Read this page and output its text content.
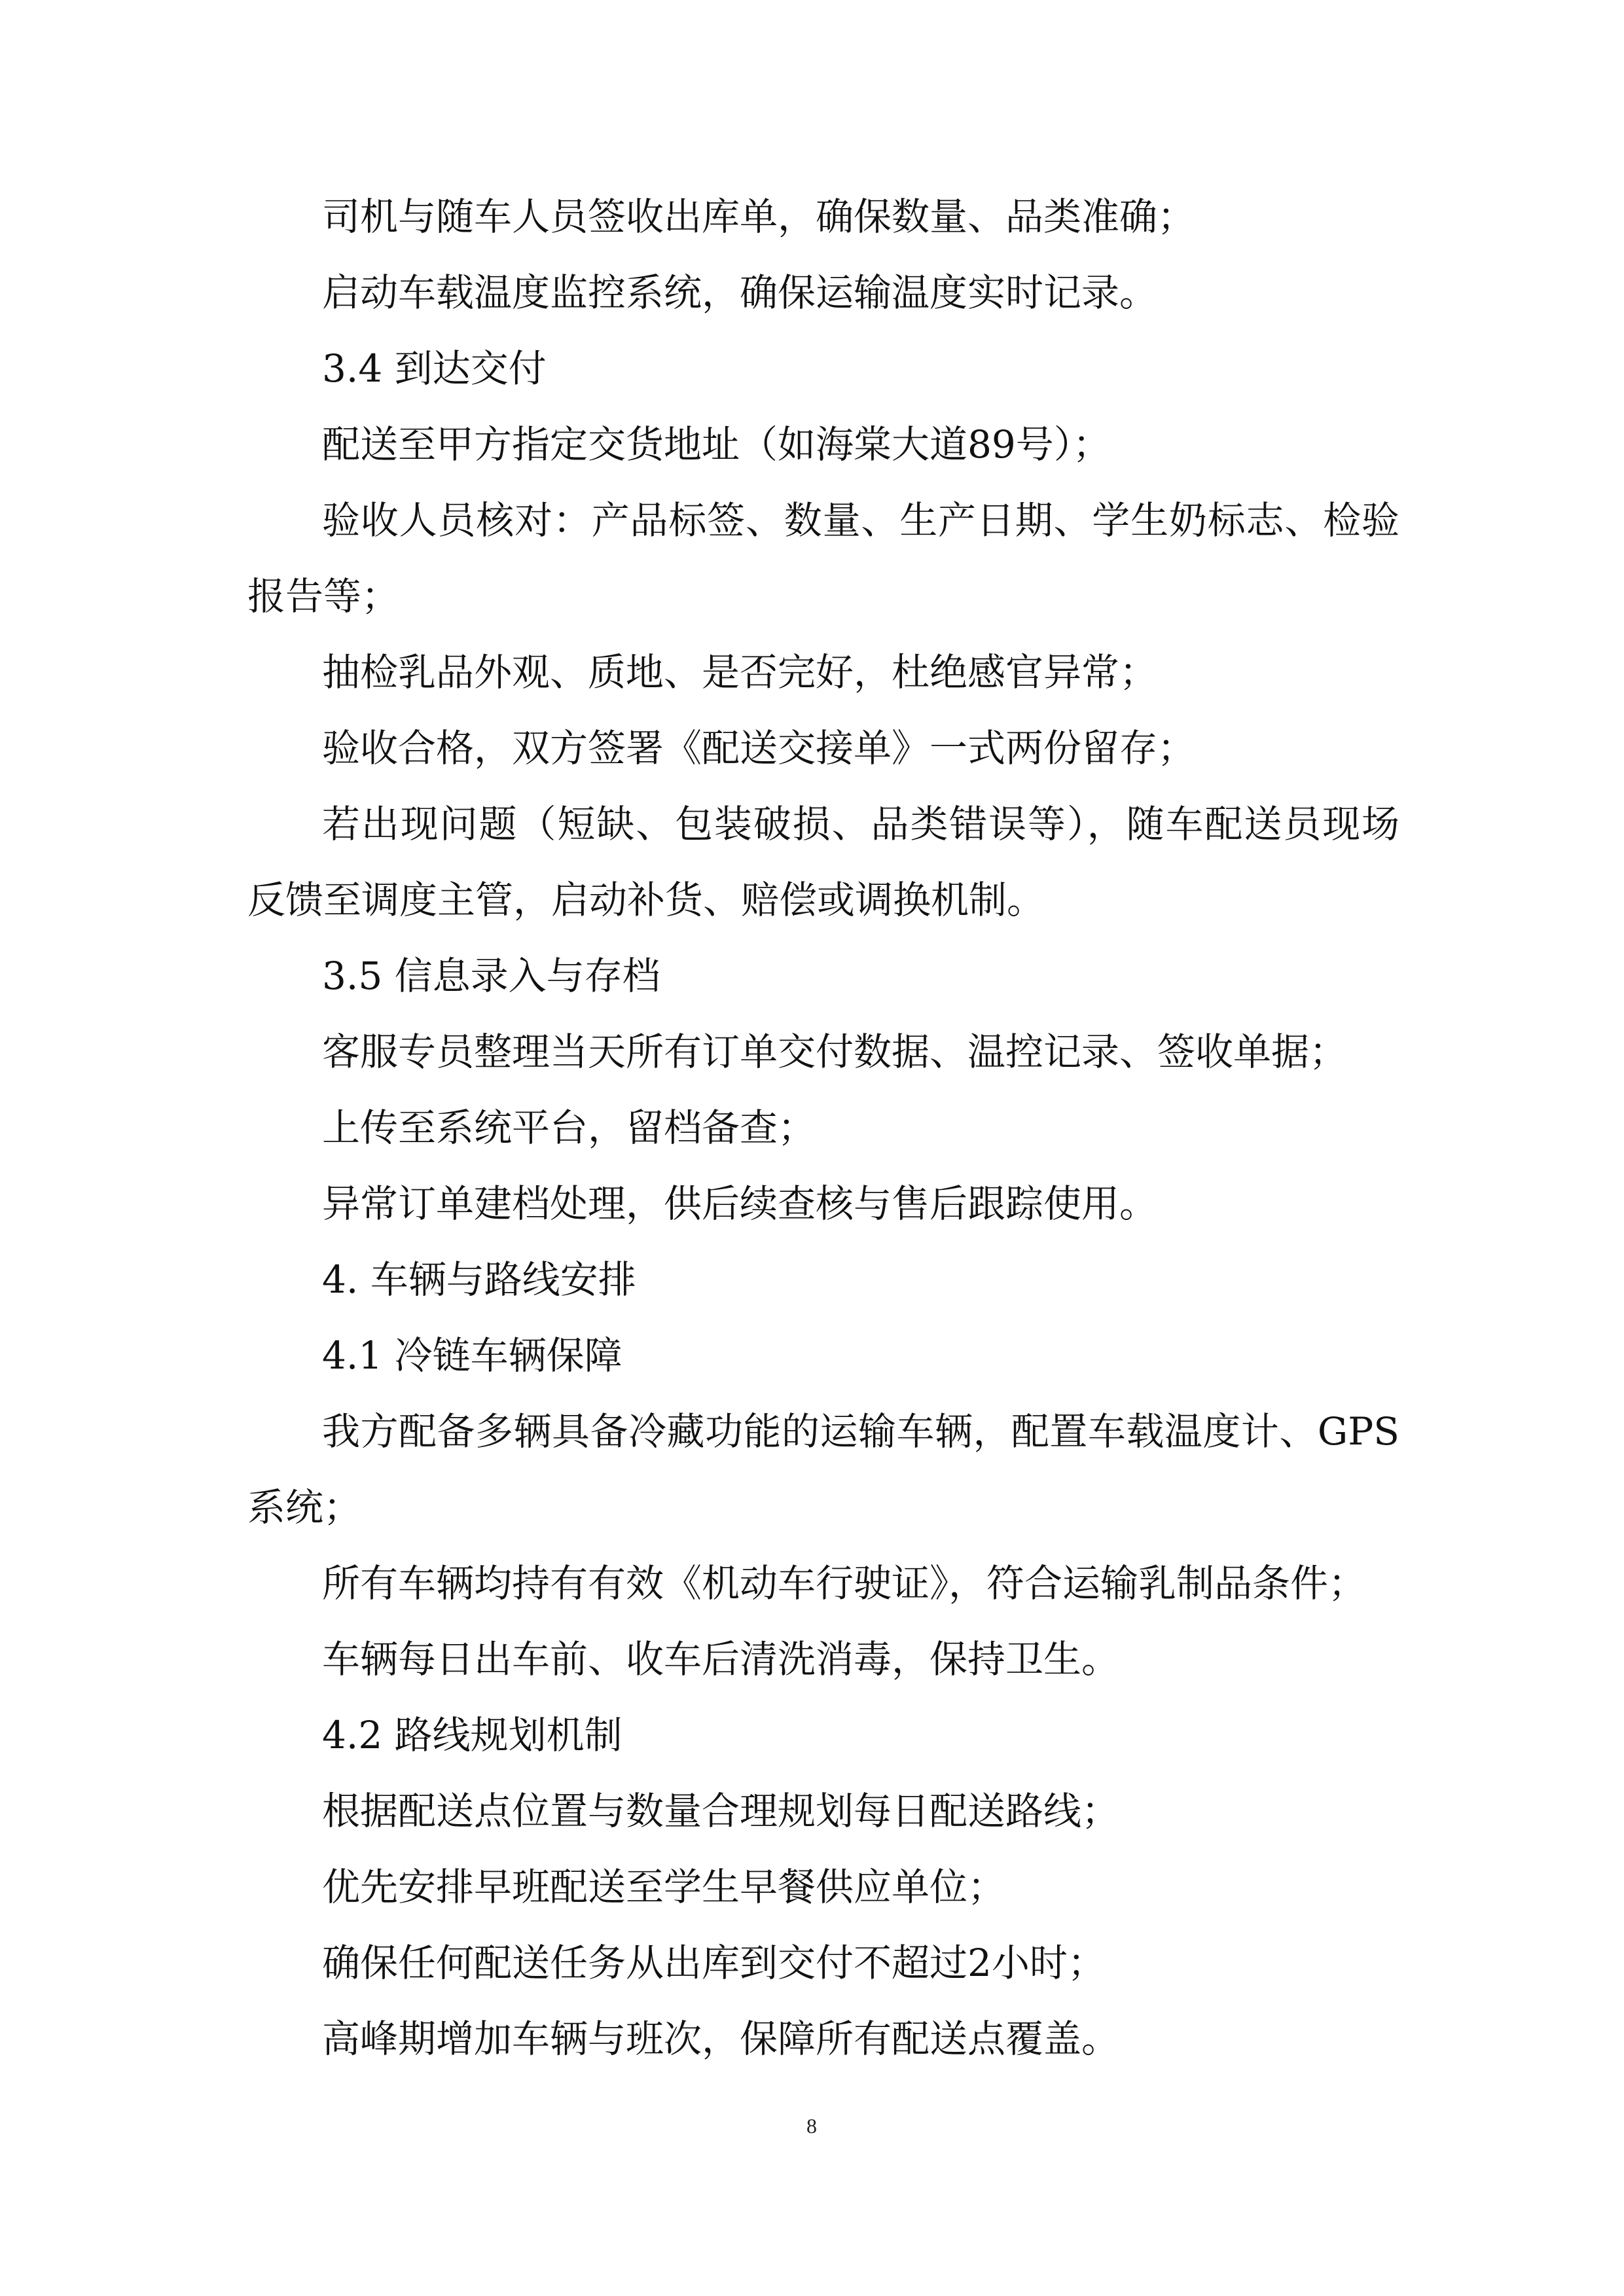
司机与随车人员签收出库单，确保数量、品类准确；
启动车载温度监控系统，确保运输温度实时记录。
3.4 到达交付
配送至甲方指定交货地址（如海棠大道89号）；
验收人员核对：产品标签、数量、生产日期、学生奶标志、检验
报告等；
抽检乳品外观、质地、是否完好，杜绝感官异常；
验收合格，双方签署《配送交接单》一式两份留存；
若出现问题（短缺、包装破损、品类错误等），随车配送员现场
反馈至调度主管，启动补货、赔偿或调换机制。
3.5 信息录入与存档
客服专员整理当天所有订单交付数据、温控记录、签收单据；
上传至系统平台，留档备查；
异常订单建档处理，供后续查核与售后跟踪使用。
4. 车辆与路线安排
4.1 冷链车辆保障
我方配备多辆具备冷藏功能的运输车辆，配置车载温度计、GPS
系统；
所有车辆均持有有效《机动车行驶证》，符合运输乳制品条件；
车辆每日出车前、收车后清洗消毒，保持卫生。
4.2 路线规划机制
根据配送点位置与数量合理规划每日配送路线；
优先安排早班配送至学生早餐供应单位；
确保任何配送任务从出库到交付不超过2小时；
高峰期增加车辆与班次，保障所有配送点覆盖。
8
